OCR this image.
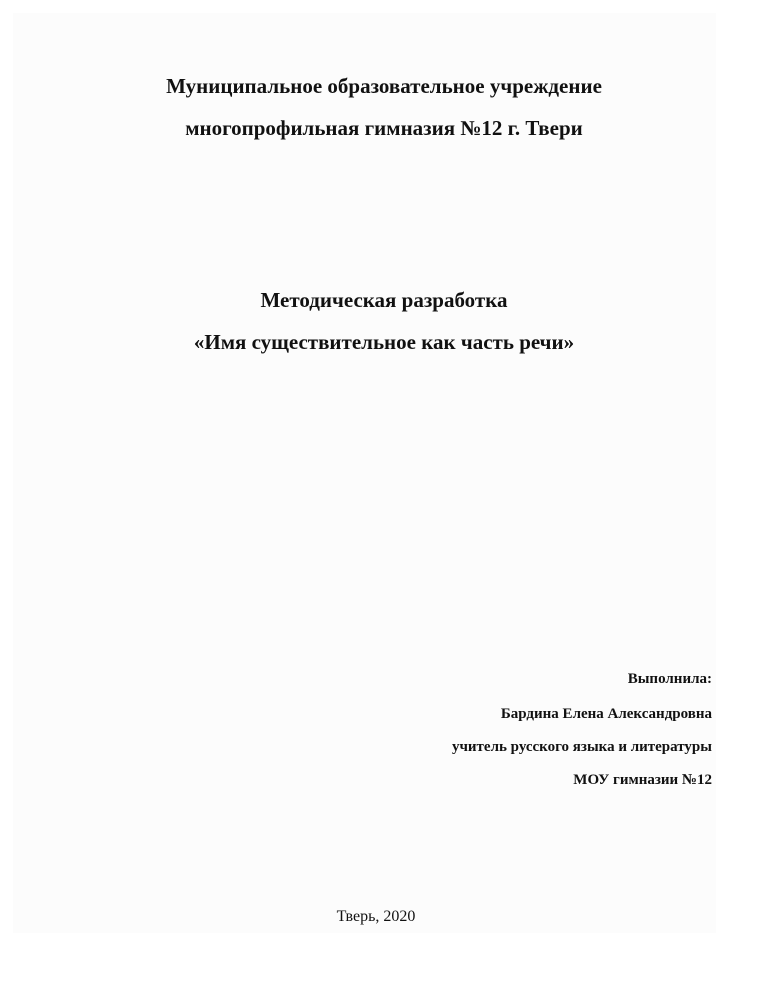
Муниципальное образовательное учреждение
многопрофильная гимназия №12 г. Твери
Методическая разработка
«Имя существительное как часть речи»
Выполнила:
Бардина Елена Александровна
учитель русского языка и литературы
МОУ гимназии №12
Тверь, 2020
